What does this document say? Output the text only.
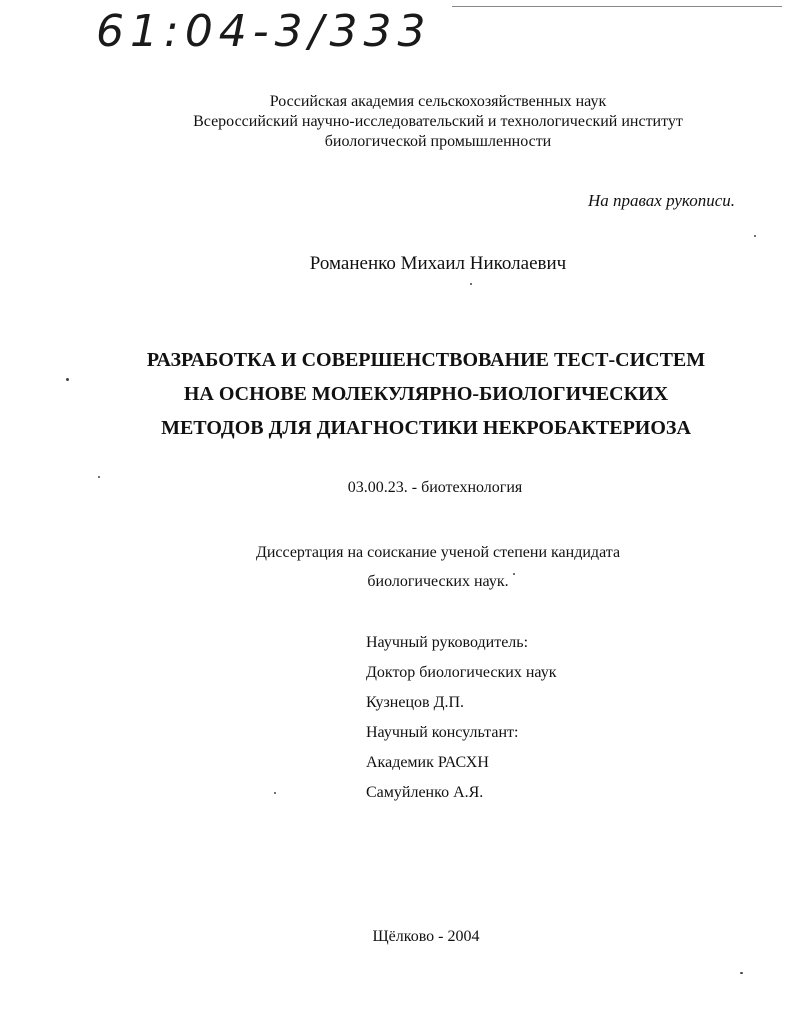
61:04-3/333
Российская академия сельскохозяйственных наук
Всероссийский научно-исследовательский и технологический институт
биологической промышленности
На правах рукописи.
Романенко Михаил Николаевич
РАЗРАБОТКА И СОВЕРШЕНСТВОВАНИЕ ТЕСТ-СИСТЕМ
НА ОСНОВЕ МОЛЕКУЛЯРНО-БИОЛОГИЧЕСКИХ
МЕТОДОВ ДЛЯ ДИАГНОСТИКИ НЕКРОБАКТЕРИОЗА
03.00.23. - биотехнология
Диссертация на соискание ученой степени кандидата
биологических наук.
Научный руководитель:
Доктор биологических наук
Кузнецов Д.П.
Научный консультант:
Академик РАСХН
Самуйленко А.Я.
Щёлково - 2004
